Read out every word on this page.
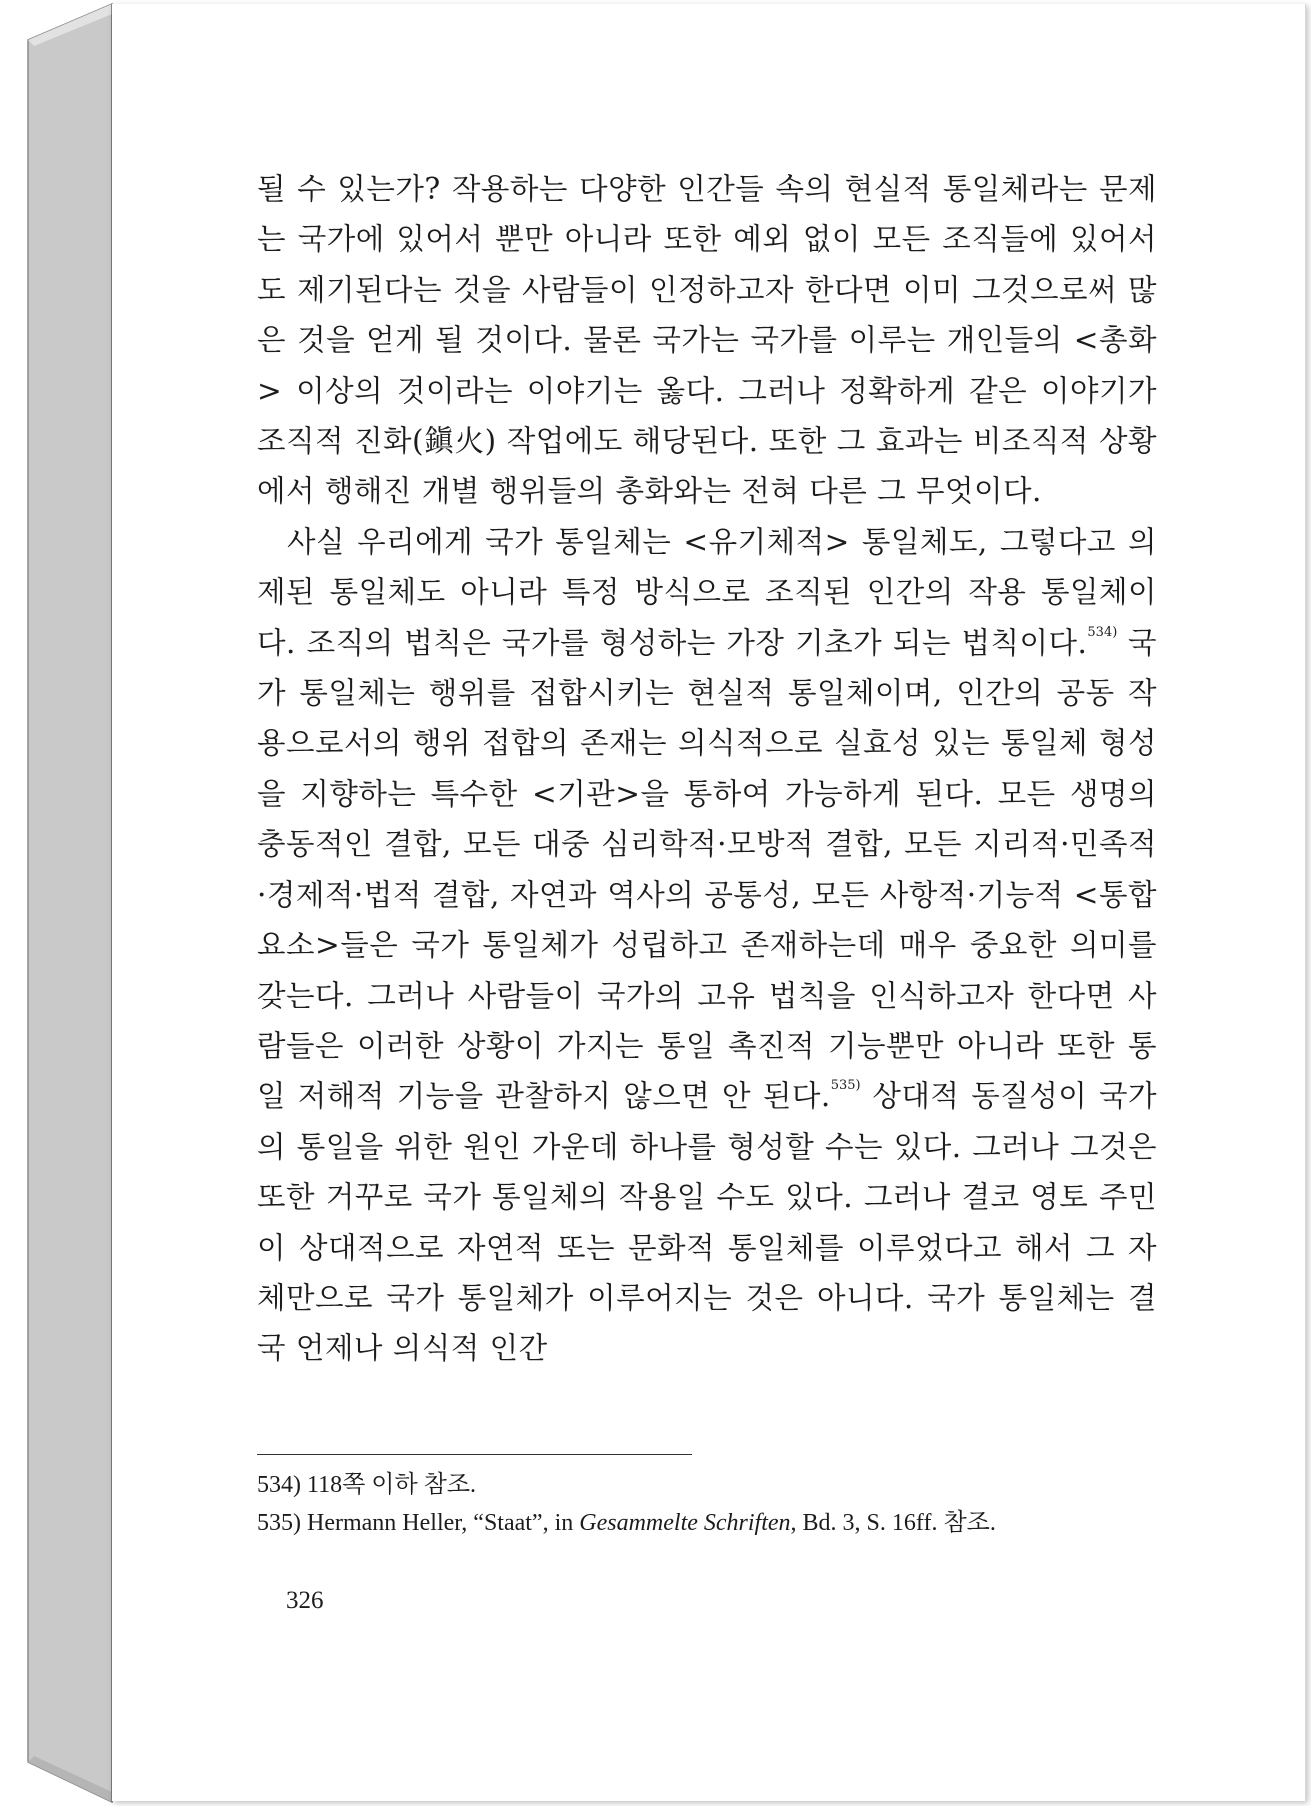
될 수 있는가? 작용하는 다양한 인간들 속의 현실적 통일체라는 문제는 국가에 있어서 뿐만 아니라 또한 예외 없이 모든 조직들에 있어서도 제기된다는 것을 사람들이 인정하고자 한다면 이미 그것으로써 많은 것을 얻게 될 것이다. 물론 국가는 국가를 이루는 개인들의 <총화> 이상의 것이라는 이야기는 옳다. 그러나 정확하게 같은 이야기가 조직적 진화(鎭火) 작업에도 해당된다. 또한 그 효과는 비조직적 상황에서 행해진 개별 행위들의 총화와는 전혀 다른 그 무엇이다.

사실 우리에게 국가 통일체는 <유기체적> 통일체도, 그렇다고 의제된 통일체도 아니라 특정 방식으로 조직된 인간의 작용 통일체이다. 조직의 법칙은 국가를 형성하는 가장 기초가 되는 법칙이다.$^{534)}$ 국가 통일체는 행위를 접합시키는 현실적 통일체이며, 인간의 공동 작용으로서의 행위 접합의 존재는 의식적으로 실효성 있는 통일체 형성을 지향하는 특수한 <기관>을 통하여 가능하게 된다. 모든 생명의 충동적인 결합, 모든 대중 심리학적·모방적 결합, 모든 지리적·민족적·경제적·법적 결합, 자연과 역사의 공통성, 모든 사항적·기능적 <통합 요소>들은 국가 통일체가 성립하고 존재하는데 매우 중요한 의미를 갖는다. 그러나 사람들이 국가의 고유 법칙을 인식하고자 한다면 사람들은 이러한 상황이 가지는 통일 촉진적 기능뿐만 아니라 또한 통일 저해적 기능을 관찰하지 않으면 안 된다.$^{535)}$ 상대적 동질성이 국가의 통일을 위한 원인 가운데 하나를 형성할 수는 있다. 그러나 그것은 또한 거꾸로 국가 통일체의 작용일 수도 있다. 그러나 결코 영토 주민이 상대적으로 자연적 또는 문화적 통일체를 이루었다고 해서 그 자체만으로 국가 통일체가 이루어지는 것은 아니다. 국가 통일체는 결국 언제나 의식적 인간

534) 118쪽 이하 참조.
535) Hermann Heller, “Staat”, in Gesammelte Schriften, Bd. 3, S. 16ff. 참조.
326
